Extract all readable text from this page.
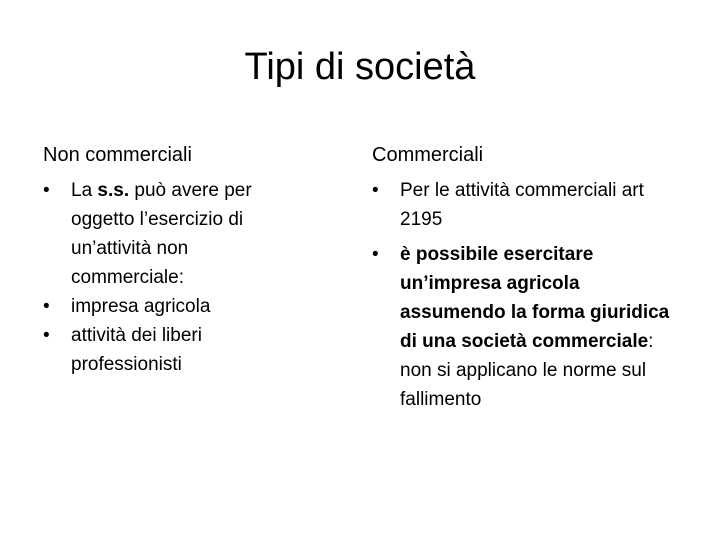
Tipi di società
Non commerciali
•	La s.s. può avere per oggetto l’esercizio di un’attività non commerciale:
•	impresa agricola
•	attività dei liberi professionisti
Commerciali
•	Per le attività commerciali art 2195
•	è possibile esercitare un’impresa agricola assumendo la forma giuridica di una società commerciale: non si applicano le norme sul fallimento
